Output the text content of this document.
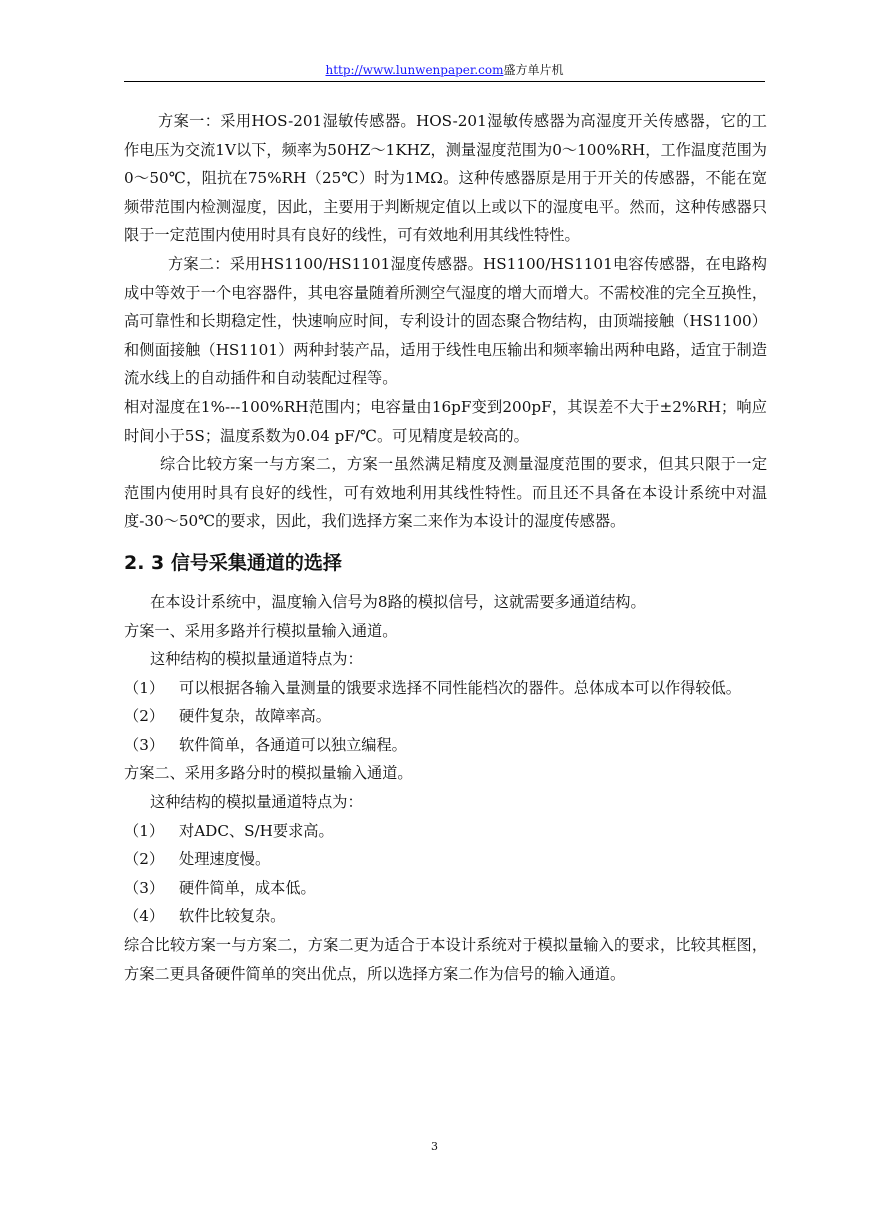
http://www.lunwenpaper.com盛方单片机

方案一：采用HOS-201湿敏传感器。HOS-201湿敏传感器为高湿度开关传感器，它的工作电压为交流1V以下，频率为50HZ～1KHZ，测量湿度范围为0～100%RH，工作温度范围为0～50℃，阻抗在75%RH（25℃）时为1MΩ。这种传感器原是用于开关的传感器，不能在宽频带范围内检测湿度，因此，主要用于判断规定值以上或以下的湿度电平。然而，这种传感器只限于一定范围内使用时具有良好的线性，可有效地利用其线性特性。

方案二：采用HS1100/HS1101湿度传感器。HS1100/HS1101电容传感器，在电路构成中等效于一个电容器件，其电容量随着所测空气湿度的增大而增大。不需校准的完全互换性，高可靠性和长期稳定性，快速响应时间，专利设计的固态聚合物结构，由顶端接触（HS1100）和侧面接触（HS1101）两种封装产品，适用于线性电压输出和频率输出两种电路，适宜于制造流水线上的自动插件和自动装配过程等。

相对湿度在1%---100%RH范围内；电容量由16pF变到200pF，其误差不大于±2%RH；响应时间小于5S；温度系数为0.04 pF/℃。可见精度是较高的。

综合比较方案一与方案二，方案一虽然满足精度及测量湿度范围的要求，但其只限于一定范围内使用时具有良好的线性，可有效地利用其线性特性。而且还不具备在本设计系统中对温度-30～50℃的要求，因此，我们选择方案二来作为本设计的湿度传感器。

2. 3 信号采集通道的选择

在本设计系统中，温度输入信号为8路的模拟信号，这就需要多通道结构。

方案一、采用多路并行模拟量输入通道。

这种结构的模拟量通道特点为：

（1） 可以根据各输入量测量的饿要求选择不同性能档次的器件。总体成本可以作得较低。
（2） 硬件复杂，故障率高。
（3） 软件简单，各通道可以独立编程。

方案二、采用多路分时的模拟量输入通道。

这种结构的模拟量通道特点为：

（1） 对ADC、S/H要求高。
（2） 处理速度慢。
（3） 硬件简单，成本低。
（4） 软件比较复杂。

综合比较方案一与方案二，方案二更为适合于本设计系统对于模拟量输入的要求，比较其框图，方案二更具备硬件简单的突出优点，所以选择方案二作为信号的输入通道。

3
